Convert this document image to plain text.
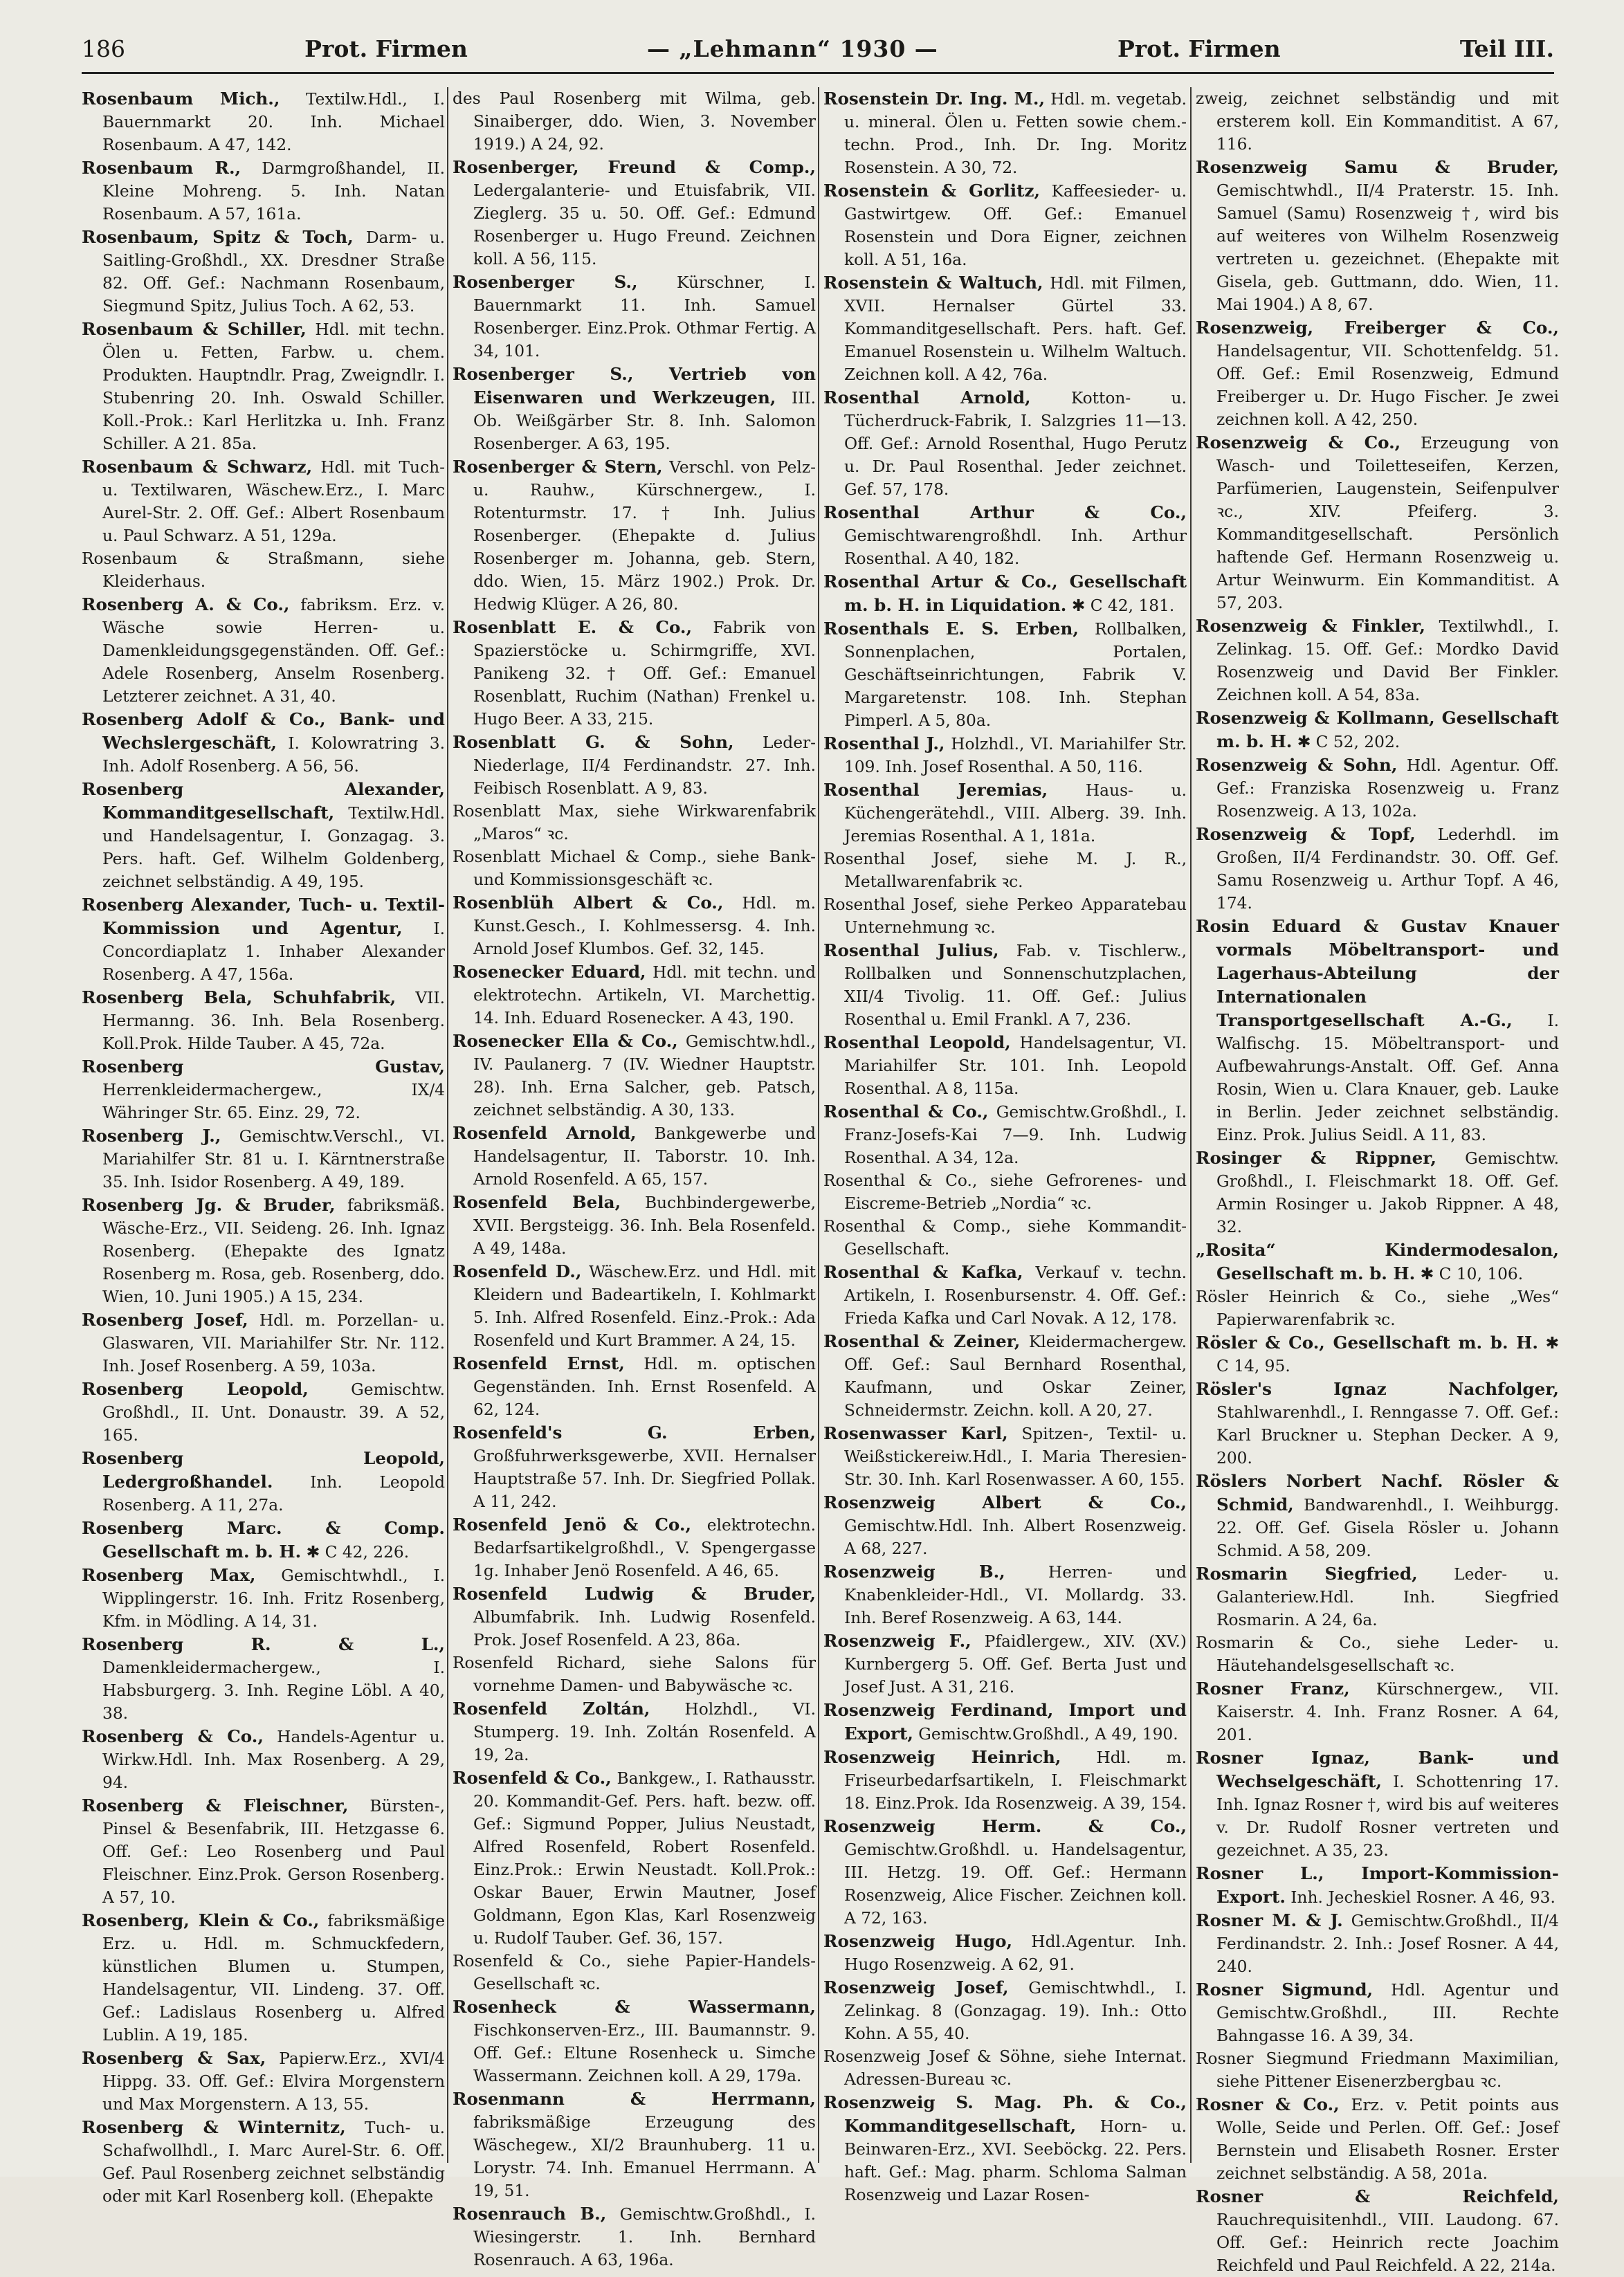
186	Prot. Firmen	— „Lehmann“ 1930 —	Prot. Firmen	Teil III.

Rosenbaum Mich., Textilw.Hdl., I. Bauernmarkt 20. Inh. Michael Rosenbaum. A 47, 142.

Rosenbaum R., Darmgroßhandel, II. Kleine Mohreng. 5. Inh. Natan Rosenbaum. A 57, 161a.

Rosenbaum, Spitz & Toch, Darm- u. Saitling-Großhdl., XX. Dresdner Straße 82. Off. Gef.: Nachmann Rosenbaum, Siegmund Spitz, Julius Toch. A 62, 53.

Rosenbaum & Schiller, Hdl. mit techn. Ölen u. Fetten, Farbw. u. chem. Produkten. Hauptndlr. Prag, Zweigndlr. I. Stubenring 20. Inh. Oswald Schiller. Koll.-Prok.: Karl Herlitzka u. Inh. Franz Schiller. A 21. 85a.

Rosenbaum & Schwarz, Hdl. mit Tuch- u. Textilwaren, Wäschew.Erz., I. Marc Aurel-Str. 2. Off. Gef.: Albert Rosenbaum u. Paul Schwarz. A 51, 129a.

Rosenbaum & Straßmann, siehe Kleiderhaus.

Rosenberg A. & Co., fabriksm. Erz. v. Wäsche sowie Herren- u. Damenkleidungsgegenständen. Off. Gef.: Adele Rosenberg, Anselm Rosenberg. Letzterer zeichnet. A 31, 40.

Rosenberg Adolf & Co., Bank- und Wechslergeschäft, I. Kolowratring 3. Inh. Adolf Rosenberg. A 56, 56.

Rosenberg Alexander, Kommanditgesellschaft, Textilw.Hdl. und Handelsagentur, I. Gonzagag. 3. Pers. haft. Gef. Wilhelm Goldenberg, zeichnet selbständig. A 49, 195.

Rosenberg Alexander, Tuch- u. Textil-Kommission und Agentur, I. Concordiaplatz 1. Inhaber Alexander Rosenberg. A 47, 156a.

Rosenberg Bela, Schuhfabrik, VII. Hermanng. 36. Inh. Bela Rosenberg. Koll.Prok. Hilde Tauber. A 45, 72a.

Rosenberg Gustav, Herrenkleidermachergew., IX/4 Währinger Str. 65. Einz. 29, 72.

Rosenberg J., Gemischtw.Verschl., VI. Mariahilfer Str. 81 u. I. Kärntnerstraße 35. Inh. Isidor Rosenberg. A 49, 189.

Rosenberg Jg. & Bruder, fabriksmäß. Wäsche-Erz., VII. Seideng. 26. Inh. Ignaz Rosenberg. (Ehepakte des Ignatz Rosenberg m. Rosa, geb. Rosenberg, ddo. Wien, 10. Juni 1905.) A 15, 234.

Rosenberg Josef, Hdl. m. Porzellan- u. Glaswaren, VII. Mariahilfer Str. Nr. 112. Inh. Josef Rosenberg. A 59, 103a.

Rosenberg Leopold,	Gemischtw. Großhdl., II. Unt. Donaustr. 39. A 52, 165.

Rosenberg Leopold, Ledergroßhandel. Inh. Leopold Rosenberg. A 11, 27a.

Rosenberg Marc. & Comp. Gesellschaft m. b. H. ✱ C 42, 226.

Rosenberg Max, Gemischtwhdl., I. Wipplingerstr. 16. Inh. Fritz Rosenberg, Kfm. in Mödling. A 14, 31.

Rosenberg R. & L., Damenkleidermachergew., I. Habsburgerg. 3. Inh. Regine Löbl. A 40, 38.

Rosenberg & Co., Handels-Agentur u. Wirkw.Hdl. Inh. Max Rosenberg. A 29, 94.

Rosenberg & Fleischner, Bürsten-, Pinsel & Besenfabrik, III. Hetzgasse 6. Off. Gef.: Leo Rosenberg und Paul Fleischner. Einz.Prok. Gerson Rosenberg. A 57, 10.

Rosenberg, Klein & Co., fabriksmäßige Erz. u. Hdl. m. Schmuckfedern, künstlichen Blumen u. Stumpen, Handelsagentur, VII. Lindeng. 37. Off. Gef.: Ladislaus Rosenberg u. Alfred Lublin. A 19, 185.

Rosenberg & Sax, Papierw.Erz., XVI/4 Hippg. 33. Off. Gef.: Elvira Morgenstern und Max Morgenstern. A 13, 55.

Rosenberg & Winternitz, Tuch- u. Schafwollhdl., I. Marc Aurel-Str. 6. Off. Gef. Paul Rosenberg zeichnet selbständig oder mit Karl Rosenberg koll. (Ehepakte

des Paul Rosenberg mit Wilma, geb. Sinaiberger, ddo. Wien, 3. November 1919.) A 24, 92.

Rosenberger, Freund & Comp., Ledergalanterie- und Etuisfabrik, VII. Zieglerg. 35 u. 50. Off. Gef.: Edmund Rosenberger u. Hugo Freund. Zeichnen koll. A 56, 115.

Rosenberger S., Kürschner, I. Bauernmarkt 11. Inh. Samuel Rosenberger. Einz.Prok. Othmar Fertig. A 34, 101.

Rosenberger S., Vertrieb von Eisenwaren und Werkzeugen, III. Ob. Weißgärber Str. 8. Inh. Salomon Rosenberger. A 63, 195.

Rosenberger & Stern, Verschl. von Pelz- u. Rauhw., Kürschnergew., I. Rotenturmstr. 17. † Inh. Julius Rosenberger. (Ehepakte d. Julius Rosenberger m. Johanna, geb. Stern, ddo. Wien, 15. März 1902.) Prok. Dr. Hedwig Klüger. A 26, 80.

Rosenblatt E. & Co., Fabrik von Spazierstöcke u. Schirmgriffe, XVI. Panikeng 32. † Off. Gef.: Emanuel Rosenblatt, Ruchim (Nathan) Frenkel u. Hugo Beer. A 33, 215.

Rosenblatt G. & Sohn, Leder-Niederlage, II/4 Ferdinandstr. 27. Inh. Feibisch Rosenblatt. A 9, 83.

Rosenblatt Max, siehe Wirkwarenfabrik „Maros“ ꝛc.

Rosenblatt Michael & Comp., siehe Bank- und Kommissionsgeschäft ꝛc.

Rosenblüh Albert & Co., Hdl. m. Kunst.Gesch., I. Kohlmessersg. 4. Inh. Arnold Josef Klumbos. Gef. 32, 145.

Rosenecker Eduard, Hdl. mit techn. und elektrotechn. Artikeln, VI. Marchettig. 14. Inh. Eduard Rosenecker. A 43, 190.

Rosenecker Ella & Co., Gemischtw.hdl., IV. Paulanerg. 7 (IV. Wiedner Hauptstr. 28). Inh. Erna Salcher, geb. Patsch, zeichnet selbständig. A 30, 133.

Rosenfeld Arnold, Bankgewerbe und Handelsagentur, II. Taborstr. 10. Inh. Arnold Rosenfeld. A 65, 157.

Rosenfeld Bela, Buchbindergewerbe, XVII. Bergsteigg. 36. Inh. Bela Rosenfeld. A 49, 148a.

Rosenfeld D., Wäschew.Erz. und Hdl. mit Kleidern und Badeartikeln, I. Kohlmarkt 5. Inh. Alfred Rosenfeld. Einz.-Prok.: Ada Rosenfeld und Kurt Brammer. A 24, 15.

Rosenfeld Ernst, Hdl. m. optischen Gegenständen. Inh. Ernst Rosenfeld. A 62, 124.

Rosenfeld's G. Erben, Großfuhrwerksgewerbe, XVII. Hernalser Hauptstraße 57. Inh. Dr. Siegfried Pollak. A 11, 242.

Rosenfeld Jenö & Co., elektrotechn. Bedarfsartikelgroßhdl., V. Spengergasse 1g. Inhaber Jenö Rosenfeld. A 46, 65.

Rosenfeld Ludwig & Bruder, Albumfabrik. Inh. Ludwig Rosenfeld. Prok. Josef Rosenfeld. A 23, 86a.

Rosenfeld Richard, siehe Salons für vornehme Damen- und Babywäsche ꝛc.

Rosenfeld Zoltán, Holzhdl., VI. Stumperg. 19. Inh. Zoltán Rosenfeld. A 19, 2a.

Rosenfeld & Co., Bankgew., I. Rathausstr. 20. Kommandit-Gef. Pers. haft. bezw. off. Gef.: Sigmund Popper, Julius Neustadt, Alfred Rosenfeld, Robert Rosenfeld. Einz.Prok.: Erwin Neustadt. Koll.Prok.: Oskar Bauer, Erwin Mautner, Josef Goldmann, Egon Klas, Karl Rosenzweig u. Rudolf Tauber. Gef. 36, 157.

Rosenfeld & Co., siehe Papier-Handels-Gesellschaft ꝛc.

Rosenheck & Wassermann, Fischkonserven-Erz., III. Baumannstr. 9. Off. Gef.: Eltune Rosenheck u. Simche Wassermann. Zeichnen koll. A 29, 179a.

Rosenmann & Herrmann, fabriksmäßige Erzeugung des Wäschegew., XI/2 Braunhuberg. 11 u. Lorystr. 74. Inh. Emanuel Herrmann. A 19, 51.

Rosenrauch B., Gemischtw.Großhdl., I. Wiesingerstr. 1. Inh. Bernhard Rosenrauch. A 63, 196a.

Rosenstein Dr. Ing. M., Hdl. m. vegetab. u. mineral. Ölen u. Fetten sowie chem.-techn. Prod., Inh. Dr. Ing. Moritz Rosenstein. A 30, 72.

Rosenstein & Gorlitz, Kaffeesieder- u. Gastwirtgew. Off. Gef.: Emanuel Rosenstein und Dora Eigner, zeichnen koll. A 51, 16a.

Rosenstein & Waltuch, Hdl. mit Filmen, XVII. Hernalser Gürtel 33. Kommanditgesellschaft. Pers. haft. Gef. Emanuel Rosenstein u. Wilhelm Waltuch. Zeichnen koll. A 42, 76a.

Rosenthal Arnold,	Kotton- u. Tücherdruck-Fabrik, I. Salzgries 11—13. Off. Gef.: Arnold Rosenthal, Hugo Perutz u. Dr. Paul Rosenthal. Jeder zeichnet. Gef. 57, 178.

Rosenthal Arthur & Co., Gemischtwarengroßhdl. Inh. Arthur Rosenthal. A 40, 182.

Rosenthal Artur & Co., Gesellschaft m. b. H. in Liquidation. ✱ C 42, 181.

Rosenthals E. S. Erben, Rollbalken, Sonnenplachen, Portalen, Geschäftseinrichtungen, Fabrik V. Margaretenstr. 108. Inh. Stephan Pimperl. A 5, 80a.

Rosenthal J., Holzhdl., VI. Mariahilfer Str. 109. Inh. Josef Rosenthal. A 50, 116.

Rosenthal Jeremias, Haus- u. Küchengerätehdl., VIII. Alberg. 39. Inh. Jeremias Rosenthal. A 1, 181a.

Rosenthal Josef, siehe M. J. R., Metallwarenfabrik ꝛc.

Rosenthal Josef, siehe Perkeo Apparatebau Unternehmung ꝛc.

Rosenthal Julius, Fab. v. Tischlerw., Rollbalken und Sonnenschutzplachen, XII/4 Tivolig. 11. Off. Gef.: Julius Rosenthal u. Emil Frankl. A 7, 236.

Rosenthal Leopold, Handelsagentur, VI. Mariahilfer Str. 101. Inh. Leopold Rosenthal. A 8, 115a.

Rosenthal & Co., Gemischtw.Großhdl., I. Franz-Josefs-Kai 7—9. Inh. Ludwig Rosenthal. A 34, 12a.

Rosenthal & Co., siehe Gefrorenes- und Eiscreme-Betrieb „Nordia“ ꝛc.

Rosenthal & Comp., siehe Kommandit-Gesellschaft.

Rosenthal & Kafka, Verkauf v. techn. Artikeln, I. Rosenbursenstr. 4. Off. Gef.: Frieda Kafka und Carl Novak. A 12, 178.

Rosenthal & Zeiner, Kleidermachergew. Off. Gef.: Saul Bernhard Rosenthal, Kaufmann, und Oskar Zeiner, Schneidermstr. Zeichn. koll. A 20, 27.

Rosenwasser Karl, Spitzen-, Textil- u. Weißstickereiw.Hdl., I. Maria Theresien-Str. 30. Inh. Karl Rosenwasser. A 60, 155.

Rosenzweig Albert & Co., Gemischtw.Hdl. Inh. Albert Rosenzweig. A 68, 227.

Rosenzweig B.,	Herren- und Knabenkleider-Hdl., VI. Mollardg. 33. Inh. Beref Rosenzweig. A 63, 144.

Rosenzweig F., Pfaidlergew., XIV. (XV.) Kurnbergerg 5. Off. Gef. Berta Just und Josef Just. A 31, 216.

Rosenzweig Ferdinand, Import und Export, Gemischtw.Großhdl., A 49, 190.

Rosenzweig Heinrich, Hdl. m. Friseurbedarfsartikeln, I. Fleischmarkt 18. Einz.Prok. Ida Rosenzweig. A 39, 154.

Rosenzweig Herm. & Co., Gemischtw.Großhdl. u. Handelsagentur, III. Hetzg. 19. Off. Gef.: Hermann Rosenzweig, Alice Fischer. Zeichnen koll. A 72, 163.

Rosenzweig Hugo, Hdl.Agentur. Inh. Hugo Rosenzweig. A 62, 91.

Rosenzweig Josef, Gemischtwhdl., I. Zelinkag. 8 (Gonzagag. 19). Inh.: Otto Kohn. A 55, 40.

Rosenzweig Josef & Söhne, siehe Internat. Adressen-Bureau ꝛc.

Rosenzweig S. Mag. Ph. & Co., Kommanditgesellschaft, Horn- u. Beinwaren-Erz., XVI. Seeböckg. 22. Pers. haft. Gef.: Mag. pharm. Schloma Salman Rosenzweig und Lazar Rosen-

zweig, zeichnet selbständig und mit ersterem koll. Ein Kommanditist. A 67, 116.

Rosenzweig Samu & Bruder, Gemischtwhdl., II/4 Praterstr. 15. Inh. Samuel (Samu) Rosenzweig †, wird bis auf weiteres von Wilhelm Rosenzweig vertreten u. gezeichnet. (Ehepakte mit Gisela, geb. Guttmann, ddo. Wien, 11. Mai 1904.) A 8, 67.

Rosenzweig, Freiberger & Co., Handelsagentur, VII. Schottenfeldg. 51. Off. Gef.: Emil Rosenzweig, Edmund Freiberger u. Dr. Hugo Fischer. Je zwei zeichnen koll. A 42, 250.

Rosenzweig & Co., Erzeugung von Wasch- und Toiletteseifen, Kerzen, Parfümerien, Laugenstein, Seifenpulver ꝛc., XIV. Pfeiferg. 3. Kommanditgesellschaft. Persönlich haftende Gef. Hermann Rosenzweig u. Artur Weinwurm. Ein Kommanditist. A 57, 203.

Rosenzweig & Finkler, Textilwhdl., I. Zelinkag. 15. Off. Gef.: Mordko David Rosenzweig und David Ber Finkler. Zeichnen koll. A 54, 83a.

Rosenzweig & Kollmann, Gesellschaft m. b. H. ✱ C 52, 202.

Rosenzweig & Sohn, Hdl. Agentur. Off. Gef.: Franziska Rosenzweig u. Franz Rosenzweig. A 13, 102a.

Rosenzweig & Topf, Lederhdl. im Großen, II/4 Ferdinandstr. 30. Off. Gef. Samu Rosenzweig u. Arthur Topf. A 46, 174.

Rosin Eduard & Gustav Knauer vormals Möbeltransport- und Lagerhaus-Abteilung der Internationalen Transportgesellschaft A.-G., I. Walfischg. 15. Möbeltransport- und Aufbewahrungs-Anstalt. Off. Gef. Anna Rosin, Wien u. Clara Knauer, geb. Lauke in Berlin. Jeder zeichnet selbständig. Einz. Prok. Julius Seidl. A 11, 83.

Rosinger & Rippner, Gemischtw. Großhdl., I. Fleischmarkt 18. Off. Gef. Armin Rosinger u. Jakob Rippner. A 48, 32.

„Rosita“ Kindermodesalon, Gesellschaft m. b. H. ✱ C 10, 106.

Rösler Heinrich & Co., siehe „Wes“ Papierwarenfabrik ꝛc.

Rösler & Co., Gesellschaft m. b. H. ✱ C 14, 95.

Rösler's Ignaz Nachfolger, Stahlwarenhdl., I. Renngasse 7. Off. Gef.: Karl Bruckner u. Stephan Decker. A 9, 200.

Röslers Norbert Nachf. Rösler & Schmid, Bandwarenhdl., I. Weihburgg. 22. Off. Gef. Gisela Rösler u. Johann Schmid. A 58, 209.

Rosmarin Siegfried, Leder- u. Galanteriew.Hdl. Inh. Siegfried Rosmarin. A 24, 6a.

Rosmarin & Co., siehe Leder- u. Häutehandelsgesellschaft ꝛc.

Rosner Franz, Kürschnergew., VII. Kaiserstr. 4. Inh. Franz Rosner. A 64, 201.

Rosner Ignaz, Bank- und Wechselgeschäft, I. Schottenring 17. Inh. Ignaz Rosner †, wird bis auf weiteres v. Dr. Rudolf Rosner vertreten und gezeichnet. A 35, 23.

Rosner L., Import-Kommission-Export. Inh. Jecheskiel Rosner. A 46, 93.

Rosner M. & J. Gemischtw.Großhdl., II/4 Ferdinandstr. 2. Inh.: Josef Rosner. A 44, 240.

Rosner Sigmund, Hdl. Agentur und Gemischtw.Großhdl., III. Rechte Bahngasse 16. A 39, 34.

Rosner Siegmund Friedmann Maximilian, siehe Pittener Eisenerzbergbau ꝛc.

Rosner & Co., Erz. v. Petit points aus Wolle, Seide und Perlen. Off. Gef.: Josef Bernstein und Elisabeth Rosner. Erster zeichnet selbständig. A 58, 201a.

Rosner & Reichfeld, Rauchrequisitenhdl., VIII. Laudong. 67. Off. Gef.: Heinrich recte Joachim Reichfeld und Paul Reichfeld. A 22, 214a.
